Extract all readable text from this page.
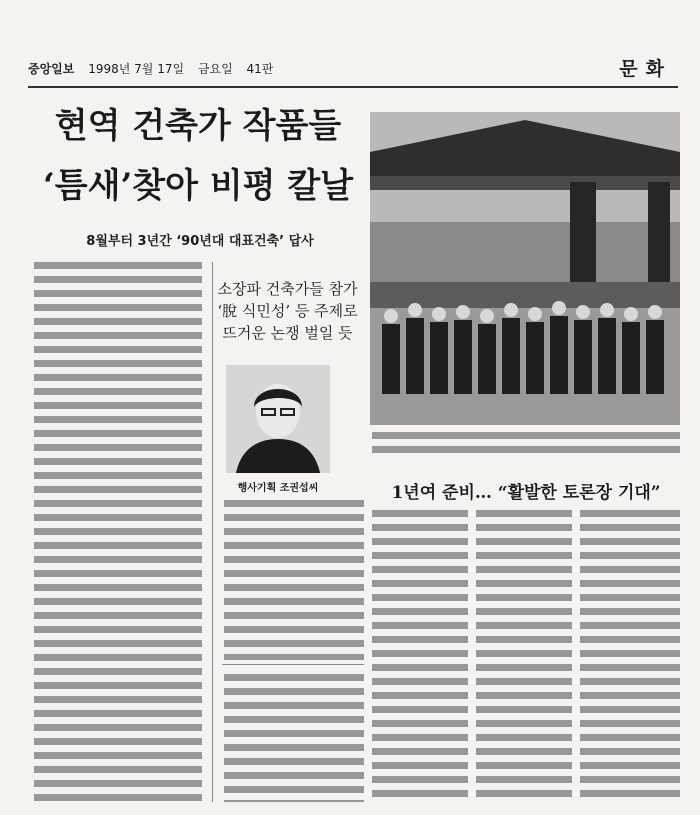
중앙일보 1998년 7월 17일 금요일 41판	문화
현역 건축가 작품들
‘틈새’찾아 비평 칼날
8월부터 3년간 ‘90년대 대표건축’ 답사
소장파 건축가들 참가 ‘脫 식민성’ 등 주제로 뜨거운 논쟁 벌일 듯
행사기획 조권섭씨	1년여 준비… “활발한 토론장 기대”
